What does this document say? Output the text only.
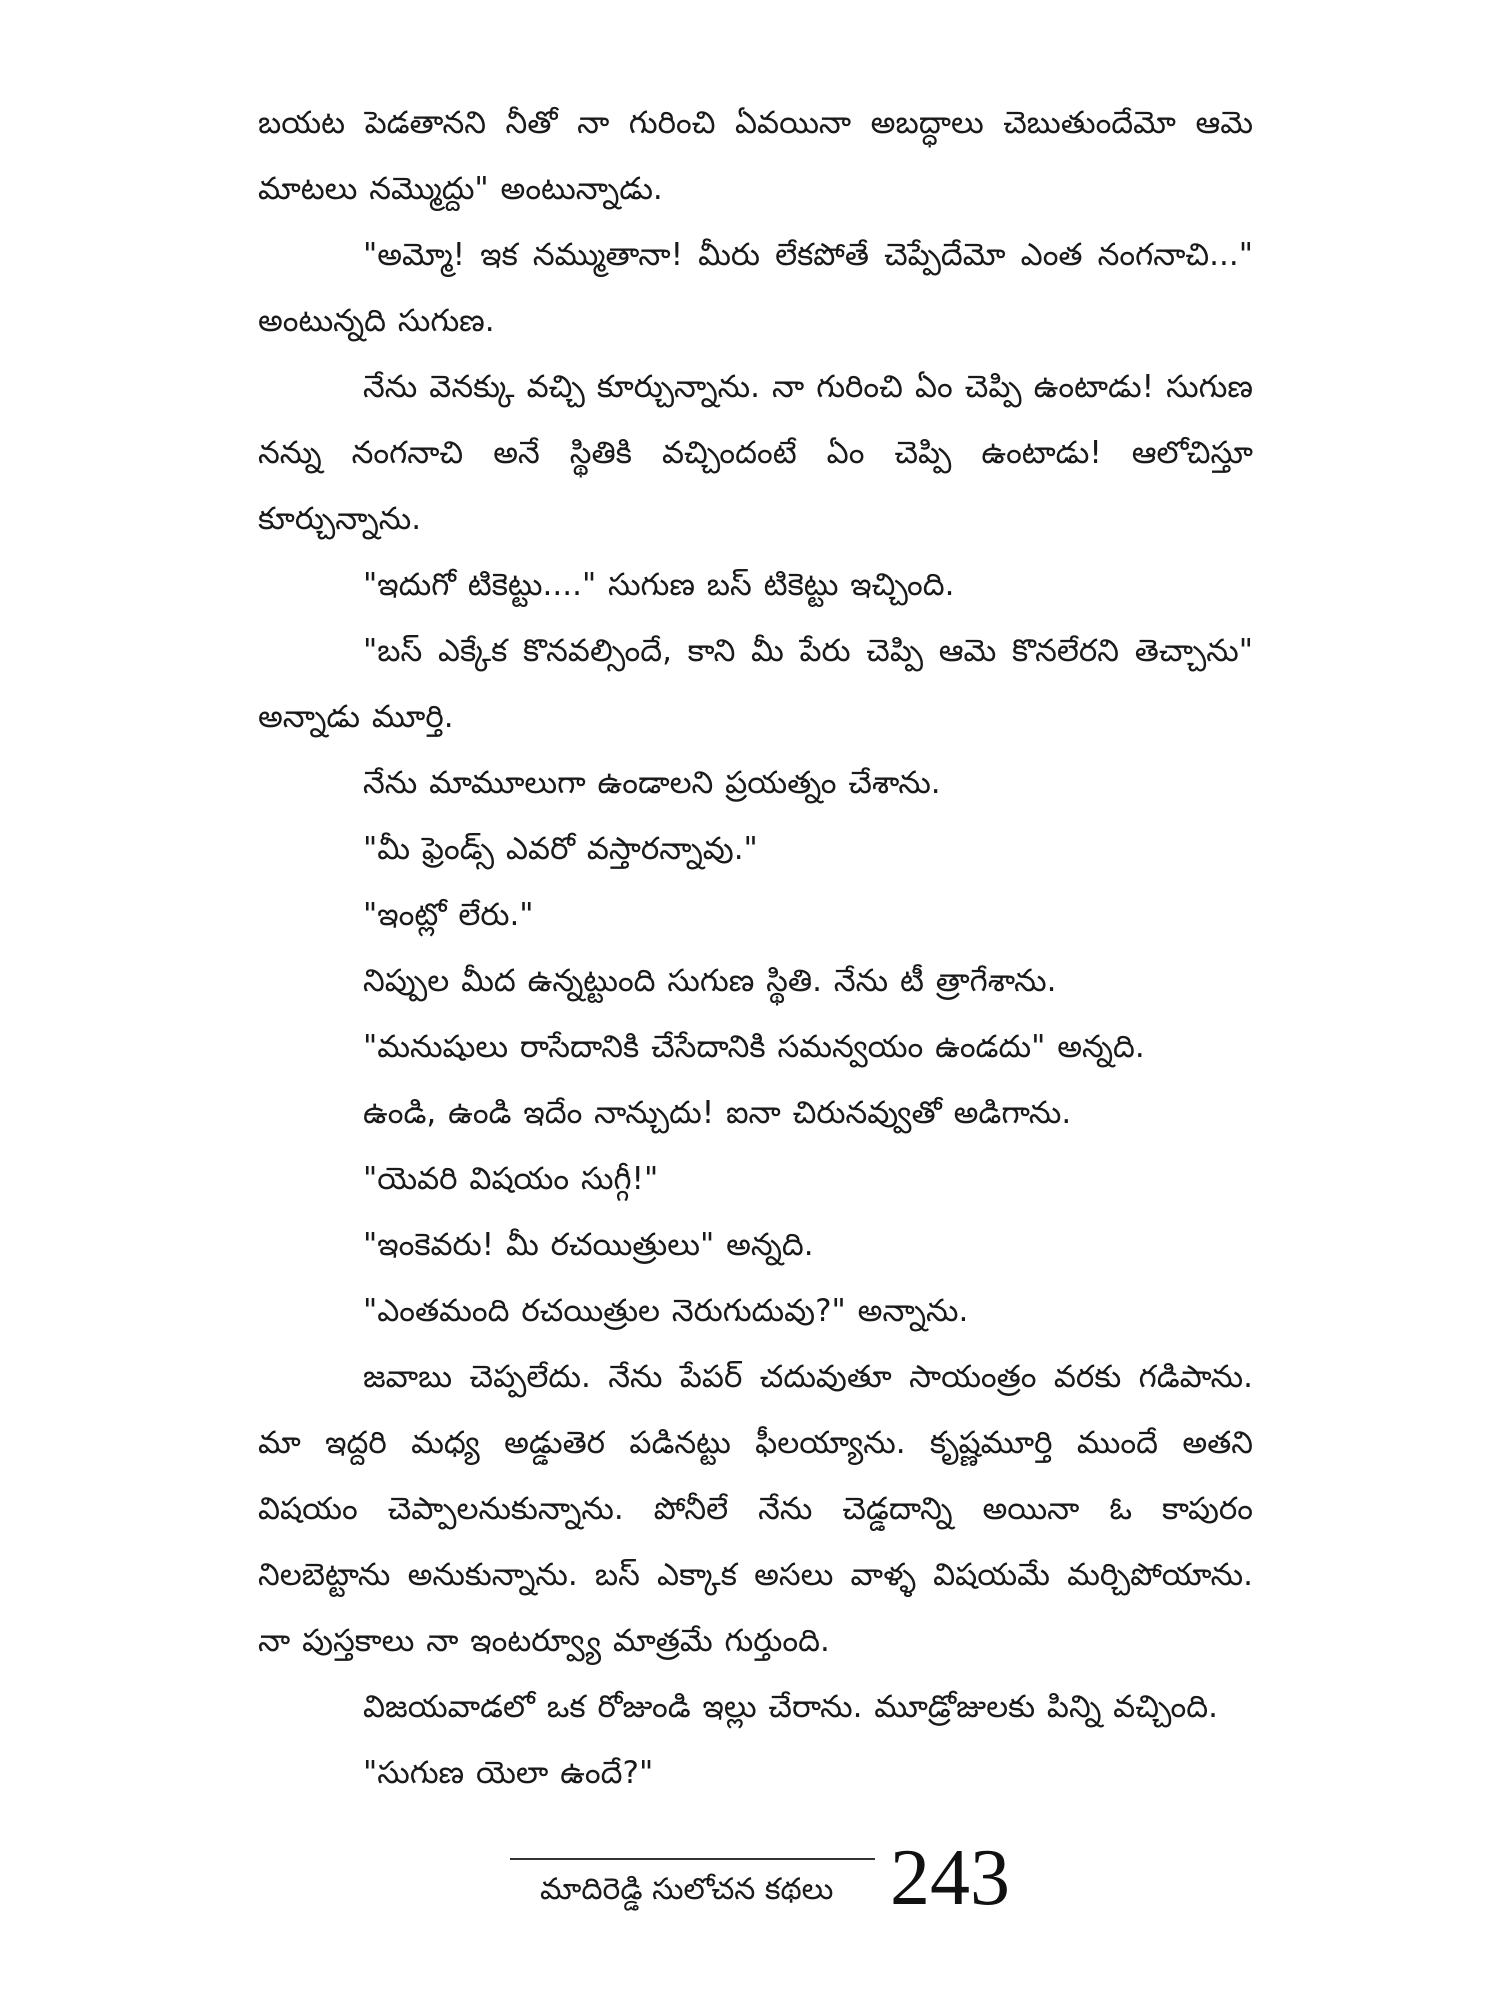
బయట పెడతానని నీతో నా గురించి ఏవయినా అబద్ధాలు చెబుతుందేమో ఆమె మాటలు నమ్మొద్దు" అంటున్నాడు.

"అమ్మో! ఇక నమ్ముతానా! మీరు లేకపోతే చెప్పేదేమో ఎంత నంగనాచి..." అంటున్నది సుగుణ.

నేను వెనక్కు వచ్చి కూర్చున్నాను. నా గురించి ఏం చెప్పి ఉంటాడు! సుగుణ నన్ను నంగనాచి అనే స్థితికి వచ్చిందంటే ఏం చెప్పి ఉంటాడు! ఆలోచిస్తూ కూర్చున్నాను.

"ఇదుగో టికెట్టు...." సుగుణ బస్ టికెట్టు ఇచ్చింది.

"బస్ ఎక్కేక కొనవల్సిందే, కాని మీ పేరు చెప్పి ఆమె కొనలేరని తెచ్చాను" అన్నాడు మూర్తి.

నేను మామూలుగా ఉండాలని ప్రయత్నం చేశాను.

"మీ ఫ్రెండ్స్ ఎవరో వస్తారన్నావు."

"ఇంట్లో లేరు."

నిప్పుల మీద ఉన్నట్టుంది సుగుణ స్థితి. నేను టీ త్రాగేశాను.

"మనుషులు రాసేదానికి చేసేదానికి సమన్వయం ఉండదు" అన్నది.

ఉండి, ఉండి ఇదేం నాన్చుదు! ఐనా చిరునవ్వుతో అడిగాను.

"యెవరి విషయం సుగ్గీ!"

"ఇంకెవరు! మీ రచయిత్రులు" అన్నది.

"ఎంతమంది రచయిత్రుల నెరుగుదువు?" అన్నాను.

జవాబు చెప్పలేదు. నేను పేపర్ చదువుతూ సాయంత్రం వరకు గడిపాను. మా ఇద్దరి మధ్య అడ్డుతెర పడినట్టు ఫీలయ్యాను. కృష్ణమూర్తి ముందే అతని విషయం చెప్పాలనుకున్నాను. పోనీలే నేను చెడ్డదాన్ని అయినా ఓ కాపురం నిలబెట్టాను అనుకున్నాను. బస్ ఎక్కాక అసలు వాళ్ళ విషయమే మర్చిపోయాను. నా పుస్తకాలు నా ఇంటర్వ్యూ మాత్రమే గుర్తుంది.

విజయవాడలో ఒక రోజుండి ఇల్లు చేరాను. మూడ్రోజులకు పిన్ని వచ్చింది.

"సుగుణ యెలా ఉందే?"

మాదిరెడ్డి సులోచన కథలు 243
